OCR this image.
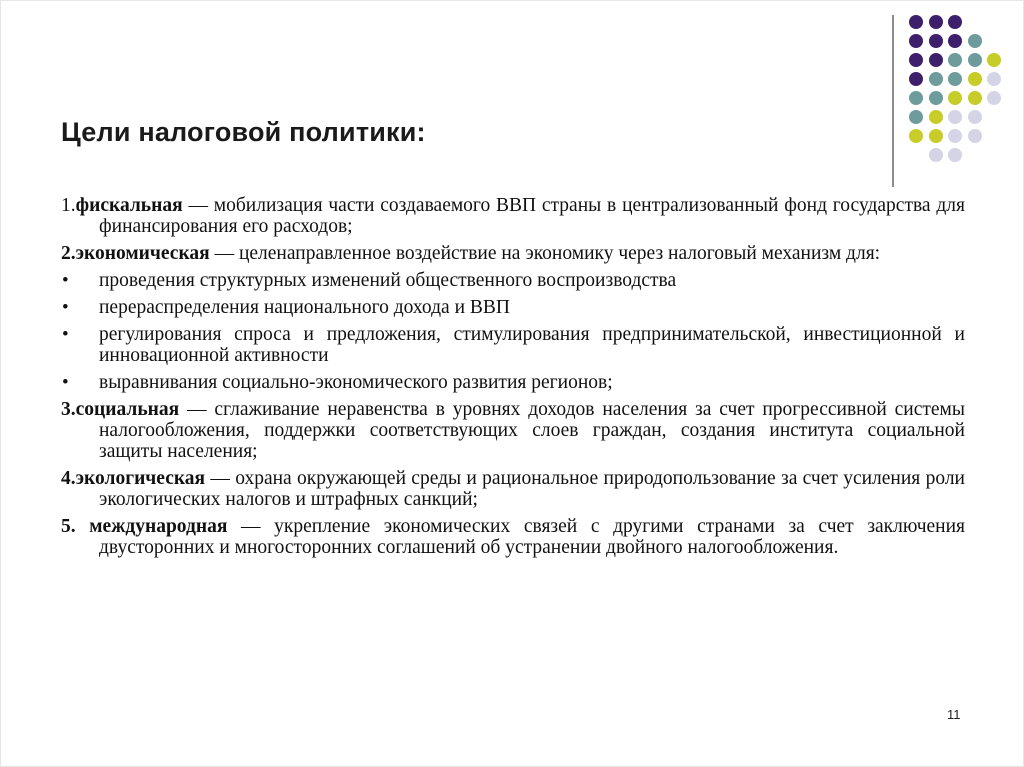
Цели налоговой политики:

1.фискальная — мобилизация части создаваемого ВВП страны в централизованный фонд государства для финансирования его расходов;

2.экономическая — целенаправленное воздействие на экономику через налоговый механизм для:

• проведения структурных изменений общественного воспроизводства

• перераспределения национального дохода и ВВП

• регулирования спроса и предложения, стимулирования предпринимательской, инвестиционной и инновационной активности

• выравнивания социально-экономического развития регионов;

3.социальная — сглаживание неравенства в уровнях доходов населения за счет прогрессивной системы налогообложения, поддержки соответствующих слоев граждан, создания института социальной защиты населения;

4.экологическая — охрана окружающей среды и рациональное природопользование за счет усиления роли экологических налогов и штрафных санкций;

5. международная — укрепление экономических связей с другими странами за счет заключения двусторонних и многосторонних соглашений об устранении двойного налогообложения.

11
